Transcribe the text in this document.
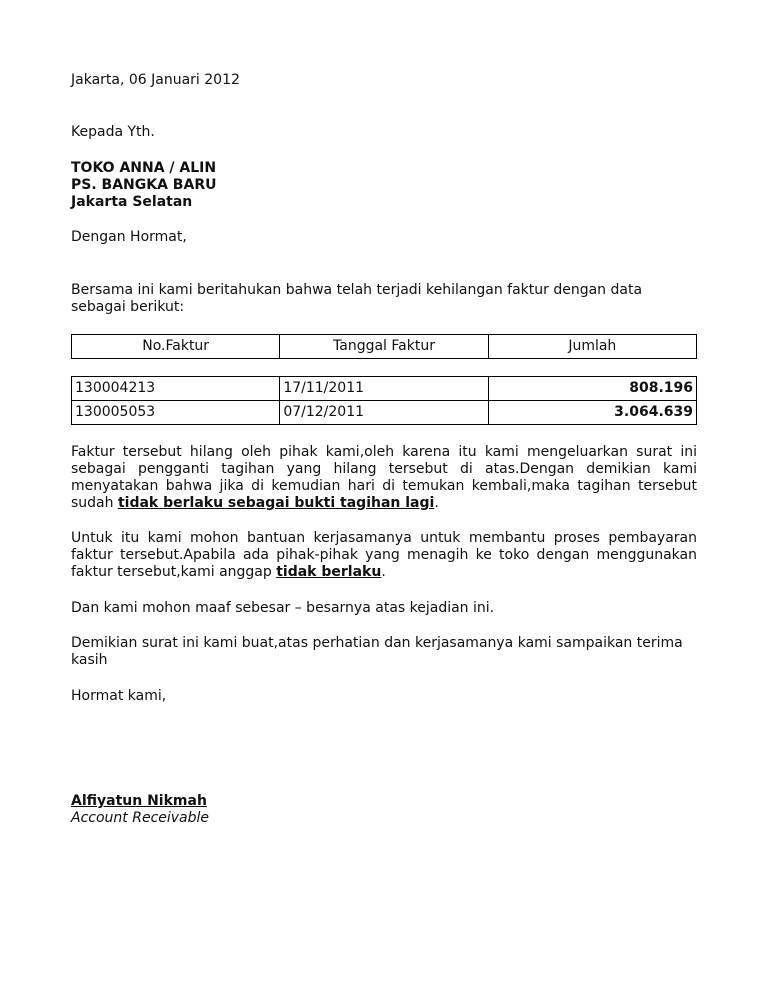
Jakarta, 06 Januari 2012

Kepada Yth.

TOKO ANNA / ALIN
PS. BANGKA BARU
Jakarta Selatan

Dengan Hormat,

Bersama ini kami beritahukan bahwa telah terjadi kehilangan faktur dengan data sebagai berikut:

No.Faktur	Tanggal Faktur	Jumlah
130004213	17/11/2011	808.196
130005053	07/12/2011	3.064.639

Faktur tersebut hilang oleh pihak kami,oleh karena itu kami mengeluarkan surat ini sebagai pengganti tagihan yang hilang tersebut di atas.Dengan demikian kami menyatakan bahwa jika di kemudian hari di temukan kembali,maka tagihan tersebut sudah tidak berlaku sebagai bukti tagihan lagi.

Untuk itu kami mohon bantuan kerjasamanya untuk membantu proses pembayaran faktur tersebut.Apabila ada pihak-pihak yang menagih ke toko dengan menggunakan faktur tersebut,kami anggap tidak berlaku.

Dan kami mohon maaf sebesar – besarnya atas kejadian ini.

Demikian surat ini kami buat,atas perhatian dan kerjasamanya kami sampaikan terima kasih

Hormat kami,

Alfiyatun Nikmah
Account Receivable
